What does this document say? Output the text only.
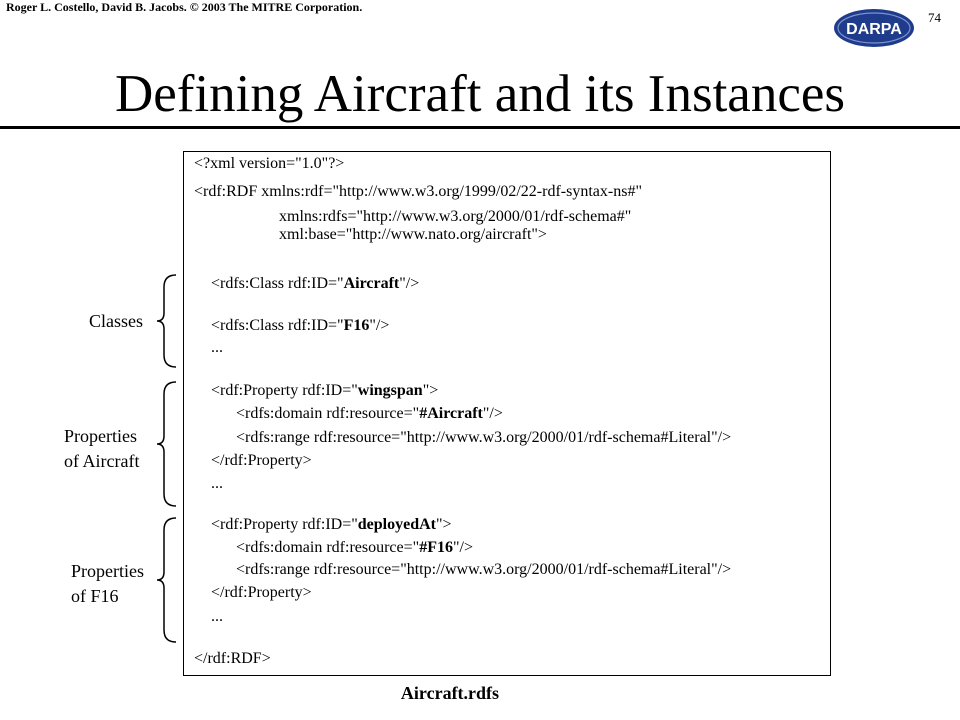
Roger L. Costello, David B. Jacobs. © 2003 The MITRE Corporation.
74
DARPA
Defining Aircraft and its Instances
<?xml version="1.0"?>
<rdf:RDF xmlns:rdf="http://www.w3.org/1999/02/22-rdf-syntax-ns#"
xmlns:rdfs="http://www.w3.org/2000/01/rdf-schema#"
xml:base="http://www.nato.org/aircraft">
<rdfs:Class rdf:ID="Aircraft"/>
<rdfs:Class rdf:ID="F16"/>
...
<rdf:Property rdf:ID="wingspan">
<rdfs:domain rdf:resource="#Aircraft"/>
<rdfs:range rdf:resource="http://www.w3.org/2000/01/rdf-schema#Literal"/>
</rdf:Property>
...
<rdf:Property rdf:ID="deployedAt">
<rdfs:domain rdf:resource="#F16"/>
<rdfs:range rdf:resource="http://www.w3.org/2000/01/rdf-schema#Literal"/>
</rdf:Property>
...
</rdf:RDF>
Classes
Properties
of Aircraft
Properties
of F16
Aircraft.rdfs
